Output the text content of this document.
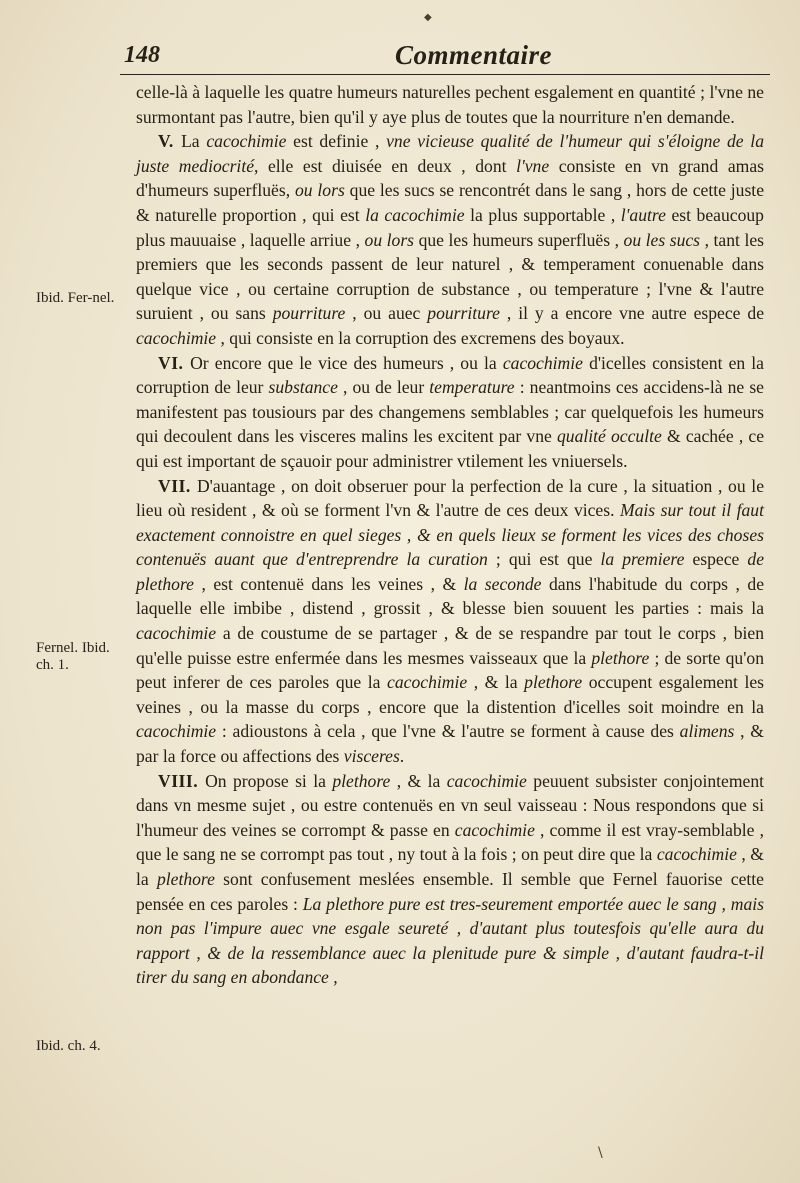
◆
148	Commentaire
Ibid. Fer-nel.
Fernel. Ibid. ch. 1.
Ibid. ch. 4.

celle-là à laquelle les quatre humeurs naturelles pechent esgalement en quantité ; l'vne ne surmontant pas l'autre, bien qu'il y aye plus de toutes que la nourriture n'en demande.

V. La cacochimie est definie , vne vicieuse qualité de l'humeur qui s'éloigne de la juste mediocrité, elle est diuisée en deux , dont l'vne consiste en vn grand amas d'humeurs superfluës, ou lors que les sucs se rencontrét dans le sang , hors de cette juste & naturelle proportion , qui est la cacochimie la plus supportable , l'autre est beaucoup plus mauuaise , laquelle arriue , ou lors que les humeurs superfluës , ou les sucs , tant les premiers que les seconds passent de leur naturel , & temperament conuenable dans quelque vice , ou certaine corruption de substance , ou temperature ; l'vne & l'autre suruient , ou sans pourriture , ou auec pourriture , il y a encore vne autre espece de cacochimie , qui consiste en la corruption des excremens des boyaux.

VI. Or encore que le vice des humeurs , ou la cacochimie d'icelles consistent en la corruption de leur substance , ou de leur temperature : neantmoins ces accidens-là ne se manifestent pas tousiours par des changemens semblables ; car quelquefois les humeurs qui decoulent dans les visceres malins les excitent par vne qualité occulte & cachée , ce qui est important de sçauoir pour administrer vtilement les vniuersels.

VII. D'auantage , on doit obseruer pour la perfection de la cure , la situation , ou le lieu où resident , & où se forment l'vn & l'autre de ces deux vices. Mais sur tout il faut exactement connoistre en quel sieges , & en quels lieux se forment les vices des choses contenuës auant que d'entreprendre la curation ; qui est que la premiere espece de plethore , est contenuë dans les veines , & la seconde dans l'habitude du corps , de laquelle elle imbibe , distend , grossit , & blesse bien souuent les parties : mais la cacochimie a de coustume de se partager , & de se respandre par tout le corps , bien qu'elle puisse estre enfermée dans les mesmes vaisseaux que la plethore ; de sorte qu'on peut inferer de ces paroles que la cacochimie , & la plethore occupent esgalement les veines , ou la masse du corps , encore que la distention d'icelles soit moindre en la cacochimie : adioustons à cela , que l'vne & l'autre se forment à cause des alimens , & par la force ou affections des visceres.

VIII. On propose si la plethore , & la cacochimie peuuent subsister conjointement dans vn mesme sujet , ou estre contenuës en vn seul vaisseau : Nous respondons que si l'humeur des veines se corrompt & passe en cacochimie , comme il est vray-semblable , que le sang ne se corrompt pas tout , ny tout à la fois ; on peut dire que la cacochimie , & la plethore sont confusement meslées ensemble. Il semble que Fernel fauorise cette pensée en ces paroles : La plethore pure est tres-seurement emportée auec le sang , mais non pas l'impure auec vne esgale seureté , d'autant plus toutesfois qu'elle aura du rapport , & de la ressemblance auec la plenitude pure & simple , d'autant faudra-t-il tirer du sang en abondance ,

\
